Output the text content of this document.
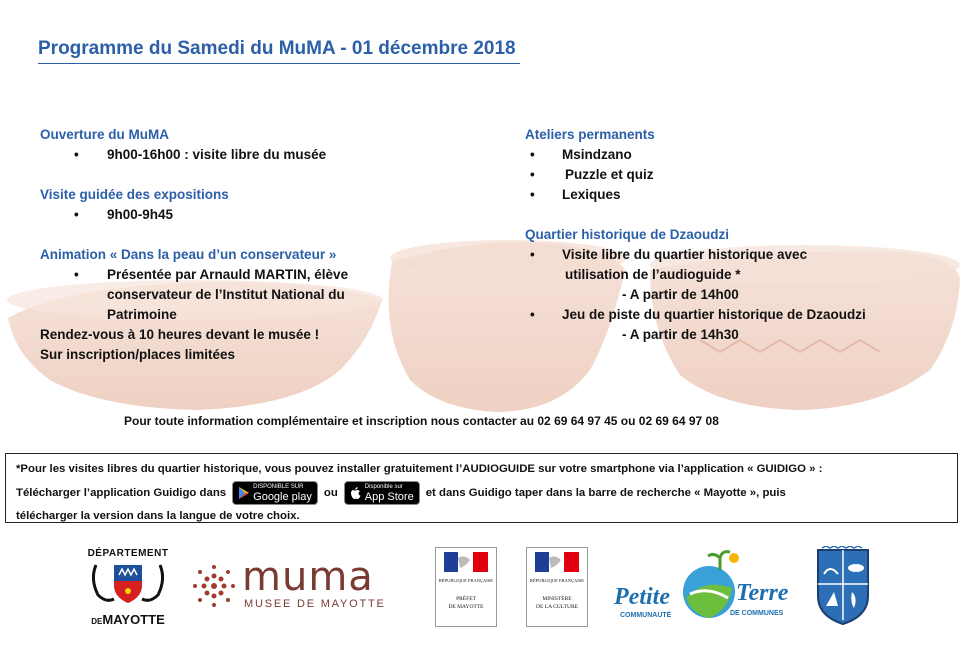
Programme du Samedi du MuMA - 01 décembre 2018
Ouverture du MuMA
•	9h00-16h00 : visite libre du musée
Visite guidée des expositions
•	9h00-9h45
Animation « Dans la peau d’un conservateur »
•	Présentée par Arnauld MARTIN, élève
conservateur de l’Institut National du
Patrimoine
Rendez-vous à 10 heures devant le musée !
Sur inscription/places limitées
Ateliers permanents
•	Msindzano
•	Puzzle et quiz
•	Lexiques
Quartier historique de Dzaoudzi
•	Visite libre du quartier historique avec
utilisation de l’audioguide *
- A partir de 14h00
•	Jeu de piste du quartier historique de Dzaoudzi
- A partir de 14h30
Pour toute information complémentaire et inscription nous contacter au 02 69 64 97 45 ou 02 69 64 97 08
*Pour les visites libres du quartier historique, vous pouvez installer gratuitement l’AUDIOGUIDE sur votre smartphone via l’application « GUIDIGO » :
Télécharger l’application Guidigo dans	DISPONIBLE SUR
Google play ou	Disponible sur
App Store et dans Guidigo taper dans la barre de recherche « Mayotte », puis
télécharger la version dans la langue de votre choix.
DÉPARTEMENT
DEMAYOTTE
muma
MUSEE DE MAYOTTE
RÉPUBLIQUE FRANÇAISE
PRÉFET
DE MAYOTTE
RÉPUBLIQUE FRANÇAISE
MINISTÈRE
DE LA CULTURE	Petite	Terre
COMMUNAUTÉ	DE COMMUNES
